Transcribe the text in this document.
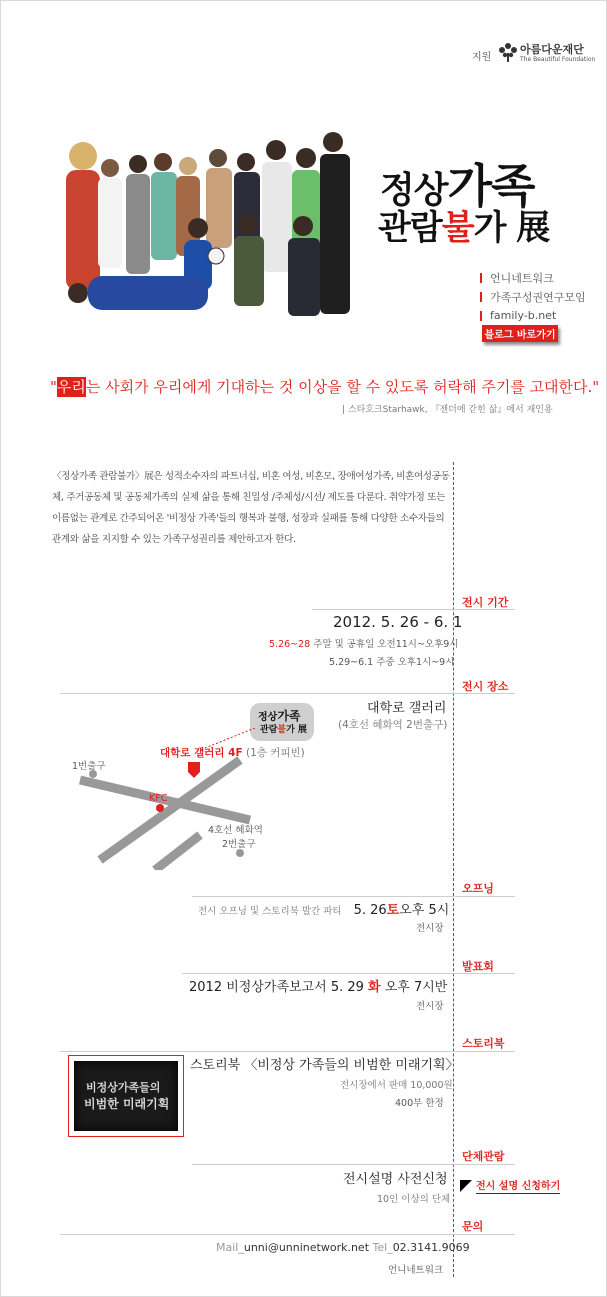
지원
아름다운재단
The Beautiful Foundation
정상가족
관람불가 展
언니네트워크
가족구성권연구모임
family-b.net
블로그 바로가기
"우리는 사회가 우리에게 기대하는 것 이상을 할 수 있도록 허락해 주기를 고대한다."
| 스타호크Starhawk, 『젠더에 갇힌 삶』에서 재인용
〈정상가족 관람불가〉展은 성적소수자의 파트너십, 비혼 여성, 비혼모, 장애여성가족, 비혼여성공동체, 주거공동체 및 공동체가족의 실제 삶을 통해 친밀성 /주체성/시선/ 제도를 다룬다. 취약가정 또는 이름없는 관계로 간주되어온 '비정상 가족'들의 행복과 불행, 성장과 실패를 통해 다양한 소수자들의 관계와 삶을 지지할 수 있는 가족구성권리를 제안하고자 한다.
전시 기간
2012. 5. 26 - 6. 1
5.26~28 주말 및 공휴일 오전11시~오후9시
5.29~6.1 주중 오후1시~9시
전시 장소
대학로 갤러리
(4호선 혜화역 2번출구)
정상가족
관람불가 展
대학로 갤러리 4F (1층 커피빈)
1번출구
KFC
4호선 혜화역
2번출구
오프닝
전시 오프닝 및 스토리북 발간 파티 5. 26 토 오후 5시
전시장
발표회
2012 비정상가족보고서 5. 29 화 오후 7시반
전시장
스토리북
스토리북 〈비정상 가족들의 비범한 미래기획〉
전시장에서 판매 10,000원
400부 한정
비정상가족들의
비범한 미래기획
단체관람
전시설명 사전신청
10인 이상의 단체
전시 설명 신청하기
문의
Mail_unni@unninetwork.net Tel_02.3141.9069
언니네트워크
